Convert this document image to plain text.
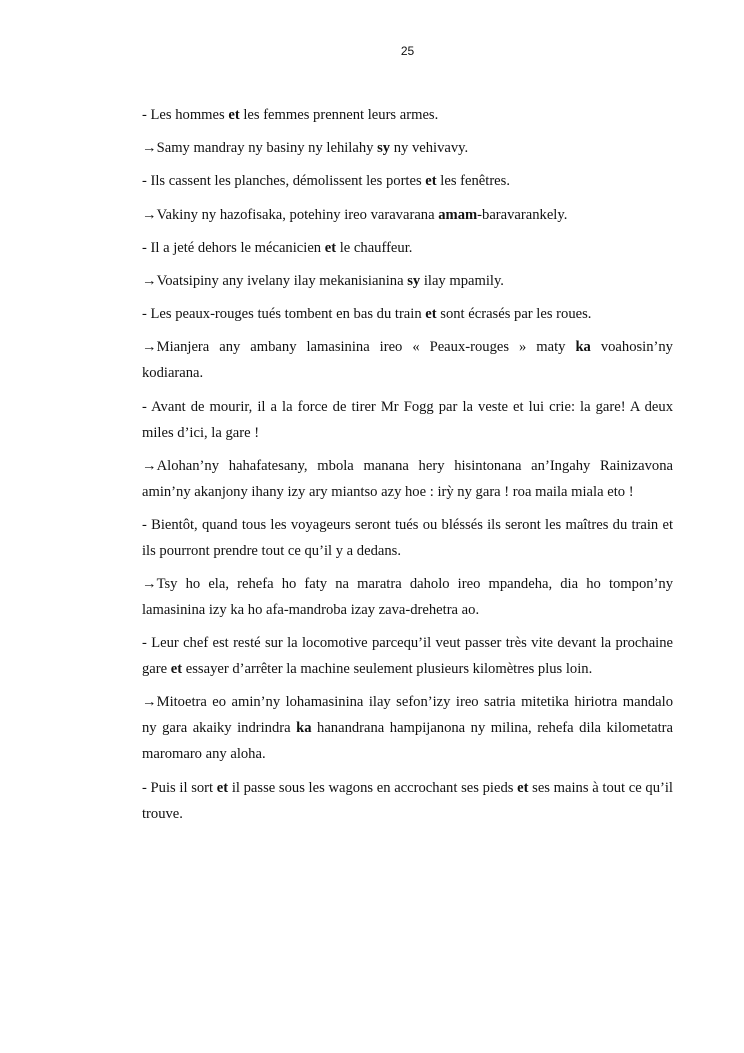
25

- Les hommes et les femmes prennent leurs armes.

→Samy mandray ny basiny ny lehilahy sy ny vehivavy.

- Ils cassent les planches, démolissent les portes et les fenêtres.

→Vakiny ny hazofisaka, potehiny ireo varavarana amam-baravarankely.

- Il a jeté dehors le mécanicien et le chauffeur.

→Voatsipiny any ivelany ilay mekanisianina sy ilay mpamily.

- Les peaux-rouges tués tombent en bas du train et sont écrasés par les roues.

→Mianjera any ambany lamasinina ireo « Peaux-rouges » maty ka voahosin’ny kodiarana.

- Avant de mourir, il a la force de tirer Mr Fogg par la veste et lui crie: la gare! A deux miles d’ici, la gare !

→Alohan’ny hahafatesany, mbola manana hery hisintonana an’Ingahy Rainizavona amin’ny akanjony ihany izy ary miantso azy hoe : irỳ ny gara ! roa maila miala eto !

- Bientôt, quand tous les voyageurs seront tués ou bléssés ils seront les maîtres du train et ils pourront prendre tout ce qu’il y a dedans.

→Tsy ho ela, rehefa ho faty na maratra daholo ireo mpandeha, dia ho tompon’ny lamasinina izy ka ho afa-mandroba izay zava-drehetra ao.

- Leur chef est resté sur la locomotive parcequ’il veut passer très vite devant la prochaine gare et essayer d’arrêter la machine seulement plusieurs kilomètres plus loin.

→Mitoetra eo amin’ny lohamasinina ilay sefon’izy ireo satria mitetika hiriotra mandalo ny gara akaiky indrindra ka hanandrana hampijanona ny milina, rehefa dila kilometatra maromaro any aloha.

- Puis il sort et il passe sous les wagons en accrochant ses pieds et ses mains à tout ce qu’il trouve.
